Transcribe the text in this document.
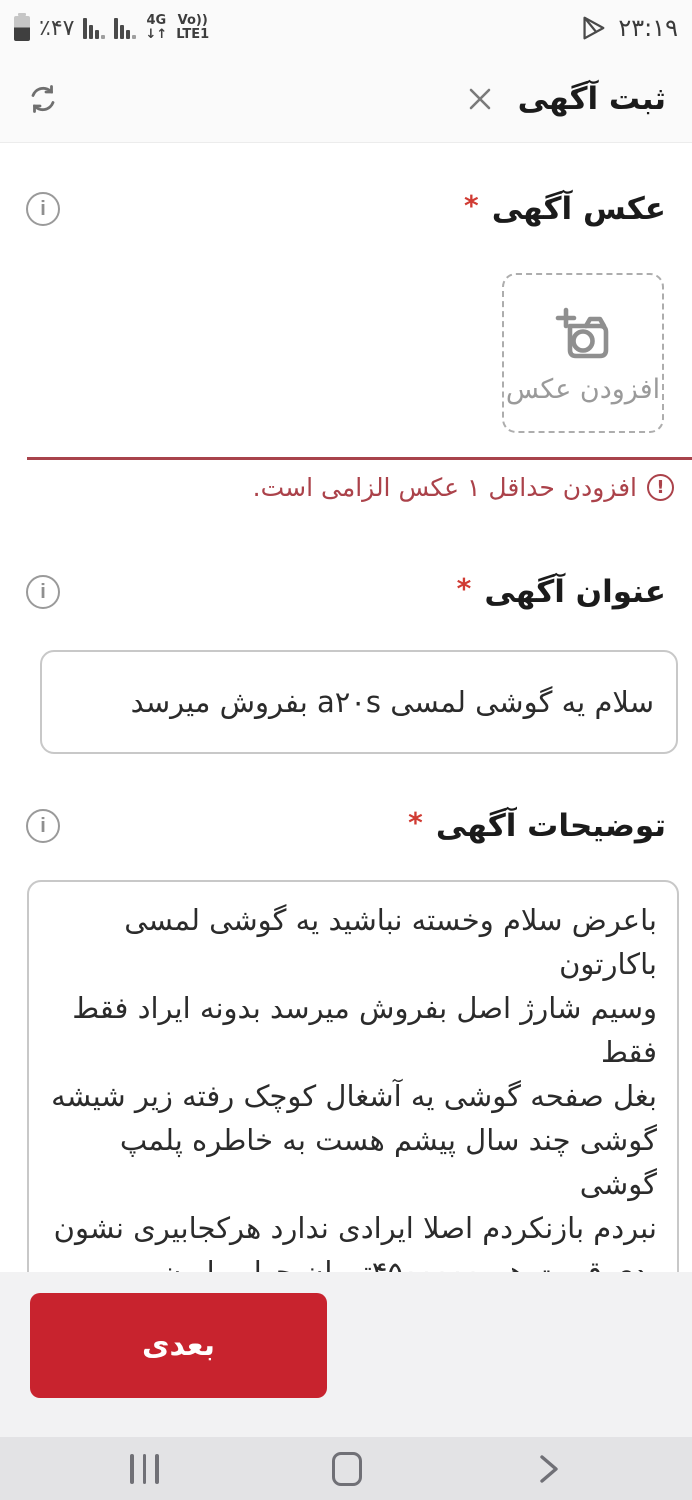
٪۴۷	4G
↓↑
Vo))
LTE1	۲۳:۱۹
ثبت آگهی
عکس آگهی *
i
افزودن عکس
!
افزودن حداقل ۱ عکس الزامی است.
عنوان آگهی *
i
سلام یه گوشی لمسی a۲۰s بفروش میرسد
توضیحات آگهی *
i
باعرض سلام وخسته نباشید یه گوشی لمسی باکارتون وسیم شارژ اصل بفروش میرسد بدونه ایراد فقط فقط بغل صفحه گوشی یه آشغال کوچک رفته زیر شیشه گوشی چند سال پیشم هست به خاطره پلمپ گوشی نبردم بازنکردم اصلا ایرادی ندارد هرکجابیری نشون بدی قیمت هم ۴۵۰۰۰۰۰تومان چهارمیلیون پانصدهزار تومان بازم کسی واقعا اهل خرید باشد تخفیف هم بهش میدم باتشکر از دیوار سپاس گذارم.
بعدی
